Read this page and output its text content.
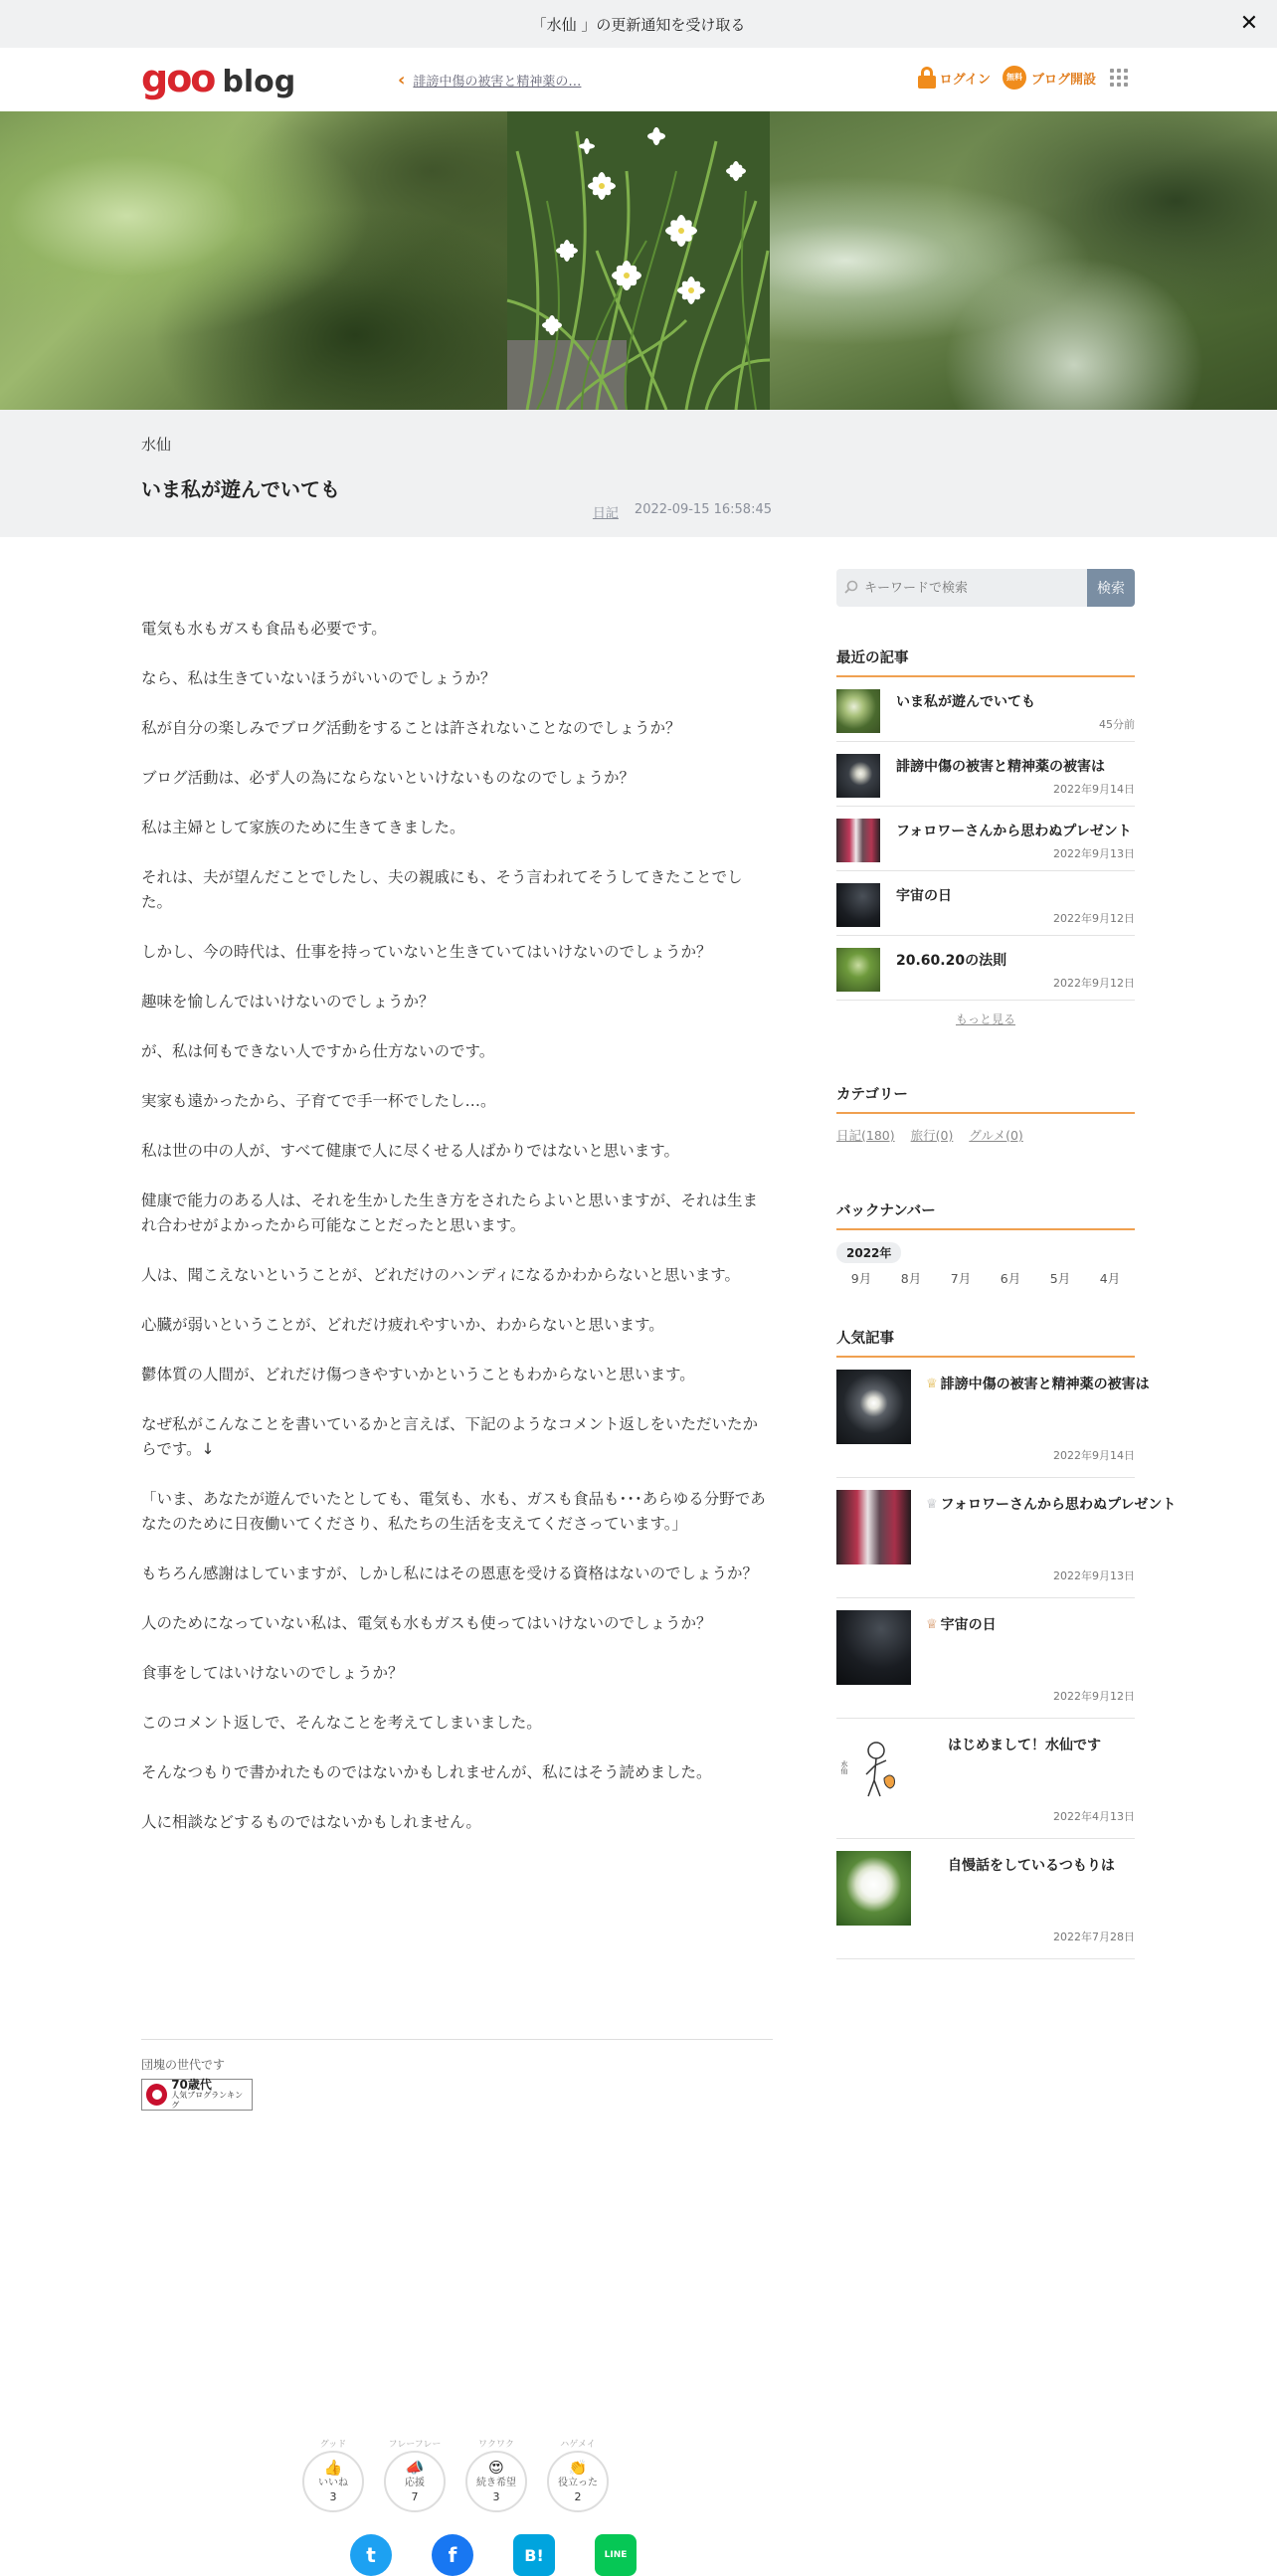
「水仙 」の更新通知を受け取る	✕
goo blog	‹ 誹謗中傷の被害と精神薬の…	ログイン	無料 ブログ開設
水仙
いま私が遊んでいても
日記 2022-09-15 16:58:45

電気も水もガスも食品も必要です。

なら、私は生きていないほうがいいのでしょうか？

私が自分の楽しみでブログ活動をすることは許されないことなのでしょうか？

ブログ活動は、必ず人の為にならないといけないものなのでしょうか？

私は主婦として家族のために生きてきました。

それは、夫が望んだことでしたし、夫の親戚にも、そう言われてそうしてきたことでした。

しかし、今の時代は、仕事を持っていないと生きていてはいけないのでしょうか？

趣味を愉しんではいけないのでしょうか？

が、私は何もできない人ですから仕方ないのです。

実家も遠かったから、子育てで手一杯でしたし…。

私は世の中の人が、すべて健康で人に尽くせる人ばかりではないと思います。

健康で能力のある人は、それを生かした生き方をされたらよいと思いますが、それは生まれ合わせがよかったから可能なことだったと思います。

人は、聞こえないということが、どれだけのハンディになるかわからないと思います。

心臓が弱いということが、どれだけ疲れやすいか、わからないと思います。

鬱体質の人間が、どれだけ傷つきやすいかということもわからないと思います。

なぜ私がこんなことを書いているかと言えば、下記のようなコメント返しをいただいたからです。↓

「いま、あなたが遊んでいたとしても、電気も、水も、ガスも食品も･･･あらゆる分野であなたのために日夜働いてくださり、私たちの生活を支えてくださっています。」

もちろん感謝はしていますが、しかし私にはその恩恵を受ける資格はないのでしょうか？

人のためになっていない私は、電気も水もガスも使ってはいけないのでしょうか？

食事をしてはいけないのでしょうか？

このコメント返しで、そんなことを考えてしまいました。

そんなつもりで書かれたものではないかもしれませんが、私にはそう読めました。

人に相談などするものではないかもしれません。

団塊の世代です
70歳代
人気ブログランキング
グッド
👍
いいね
3
フレーフレー
📣
応援
7
ワクワク
😍
続き希望
3
ハゲメイ
👏
役立った
2
t	f	B!	LINE
キーワードで検索
検索
最近の記事
いま私が遊んでいても
45分前
誹謗中傷の被害と精神薬の被害は
2022年9月14日
フォロワーさんから思わぬプレゼント
2022年9月13日
宇宙の日
2022年9月12日
20.60.20の法則
2022年9月12日
もっと見る
カテゴリー
日記(180) 旅行(0) グルメ(0)
バックナンバー
2022年
9月	8月	7月	6月	5月	4月
人気記事
♕ 誹謗中傷の被害と精神薬の被害は
2022年9月14日
♕ フォロワーさんから思わぬプレゼント
2022年9月13日
♕ 宇宙の日
2022年9月12日
水仙
はじめまして！水仙です
2022年4月13日
自慢話をしているつもりは
2022年7月28日
